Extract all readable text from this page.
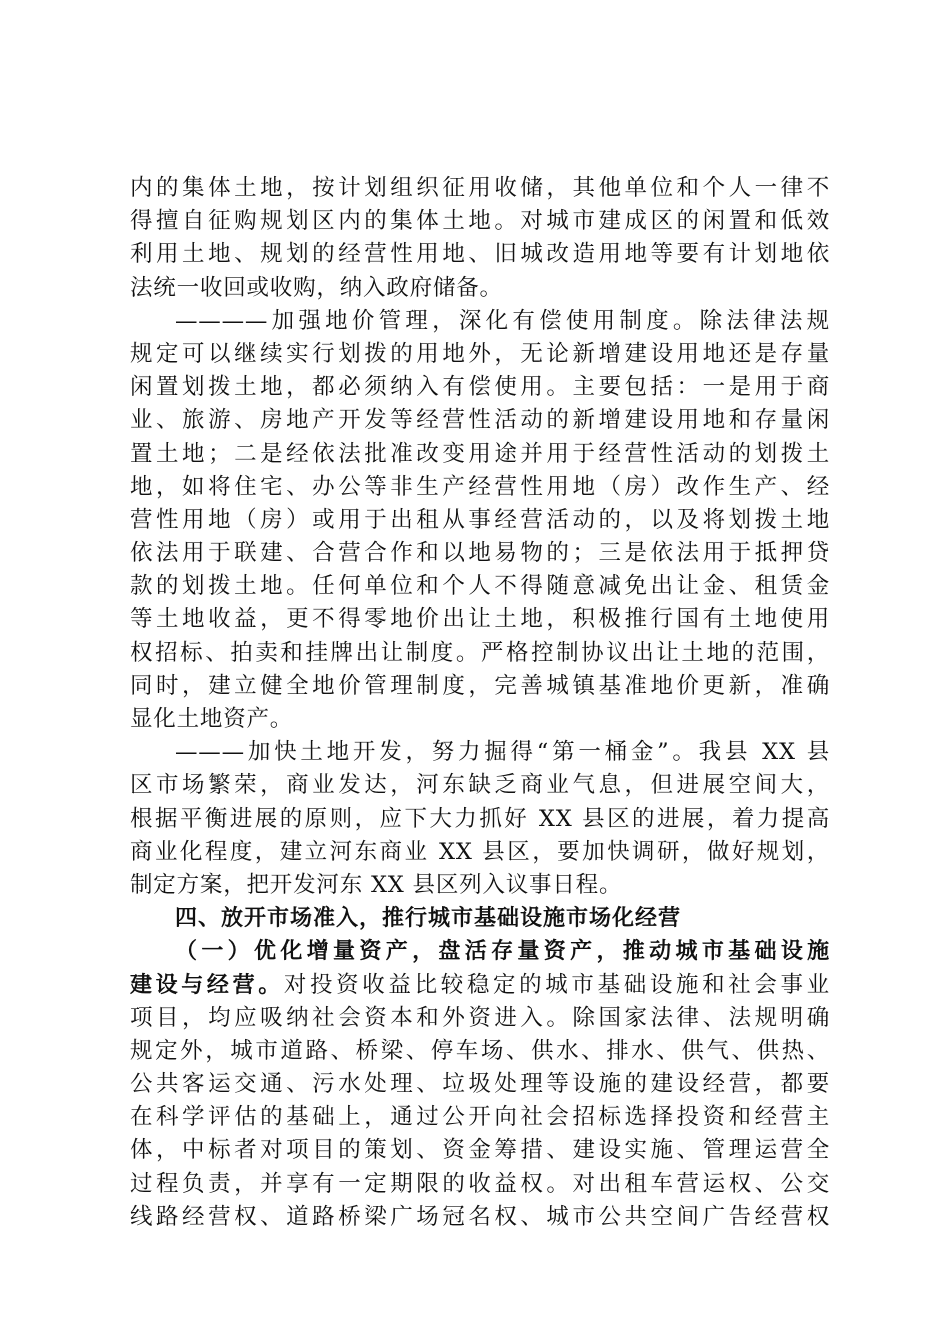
内的集体土地，按计划组织征用收储，其他单位和个人一律不
得擅自征购规划区内的集体土地。对城市建成区的闲置和低效
利用土地、规划的经营性用地、旧城改造用地等要有计划地依
法统一收回或收购，纳入政府储备。
————加强地价管理，深化有偿使用制度。除法律法规
规定可以继续实行划拨的用地外，无论新增建设用地还是存量
闲置划拨土地，都必须纳入有偿使用。主要包括：一是用于商
业、旅游、房地产开发等经营性活动的新增建设用地和存量闲
置土地；二是经依法批准改变用途并用于经营性活动的划拨土
地，如将住宅、办公等非生产经营性用地（房）改作生产、经
营性用地（房）或用于出租从事经营活动的，以及将划拨土地
依法用于联建、合营合作和以地易物的；三是依法用于抵押贷
款的划拨土地。任何单位和个人不得随意减免出让金、租赁金
等土地收益，更不得零地价出让土地，积极推行国有土地使用
权招标、拍卖和挂牌出让制度。严格控制协议出让土地的范围，
同时，建立健全地价管理制度，完善城镇基准地价更新，准确
显化土地资产。
———加快土地开发，努力掘得“第一桶金”。我县 XX 县
区市场繁荣，商业发达，河东缺乏商业气息，但进展空间大，
根据平衡进展的原则，应下大力抓好 XX 县区的进展，着力提高
商业化程度，建立河东商业 XX 县区，要加快调研，做好规划，
制定方案，把开发河东 XX 县区列入议事日程。
四、放开市场准入，推行城市基础设施市场化经营
（一）优化增量资产，盘活存量资产，推动城市基础设施
建设与经营。对投资收益比较稳定的城市基础设施和社会事业
项目，均应吸纳社会资本和外资进入。除国家法律、法规明确
规定外，城市道路、桥梁、停车场、供水、排水、供气、供热、
公共客运交通、污水处理、垃圾处理等设施的建设经营，都要
在科学评估的基础上，通过公开向社会招标选择投资和经营主
体，中标者对项目的策划、资金筹措、建设实施、管理运营全
过程负责，并享有一定期限的收益权。对出租车营运权、公交
线路经营权、道路桥梁广场冠名权、城市公共空间广告经营权
